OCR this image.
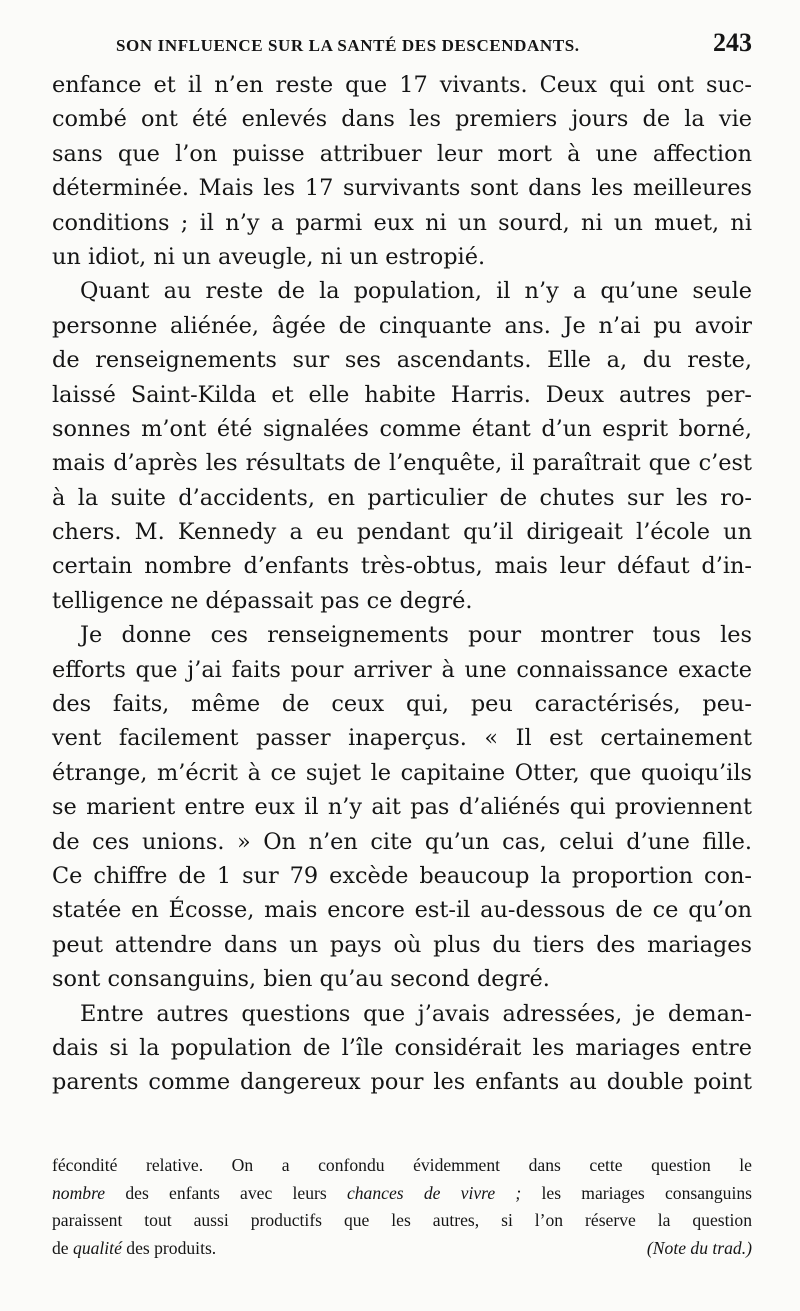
SON INFLUENCE SUR LA SANTÉ DES DESCENDANTS.	243
enfance et il n’en reste que 17 vivants. Ceux qui ont suc-
combé ont été enlevés dans les premiers jours de la vie
sans que l’on puisse attribuer leur mort à une affection
déterminée. Mais les 17 survivants sont dans les meilleures
conditions ; il n’y a parmi eux ni un sourd, ni un muet, ni
un idiot, ni un aveugle, ni un estropié.
Quant au reste de la population, il n’y a qu’une seule
personne aliénée, âgée de cinquante ans. Je n’ai pu avoir
de renseignements sur ses ascendants. Elle a, du reste,
laissé Saint-Kilda et elle habite Harris. Deux autres per-
sonnes m’ont été signalées comme étant d’un esprit borné,
mais d’après les résultats de l’enquête, il paraîtrait que c’est
à la suite d’accidents, en particulier de chutes sur les ro-
chers. M. Kennedy a eu pendant qu’il dirigeait l’école un
certain nombre d’enfants très-obtus, mais leur défaut d’in-
telligence ne dépassait pas ce degré.
Je donne ces renseignements pour montrer tous les
efforts que j’ai faits pour arriver à une connaissance exacte
des faits, même de ceux qui, peu caractérisés, peu-
vent facilement passer inaperçus. « Il est certainement
étrange, m’écrit à ce sujet le capitaine Otter, que quoiqu’ils
se marient entre eux il n’y ait pas d’aliénés qui proviennent
de ces unions. » On n’en cite qu’un cas, celui d’une fille.
Ce chiffre de 1 sur 79 excède beaucoup la proportion con-
statée en Écosse, mais encore est-il au-dessous de ce qu’on
peut attendre dans un pays où plus du tiers des mariages
sont consanguins, bien qu’au second degré.
Entre autres questions que j’avais adressées, je deman-
dais si la population de l’île considérait les mariages entre
parents comme dangereux pour les enfants au double point
fécondité relative. On a confondu évidemment dans cette question le
nombre des enfants avec leurs chances de vivre ; les mariages consanguins
paraissent tout aussi productifs que les autres, si l’on réserve la question
de qualité des produits.	(Note du trad.)
